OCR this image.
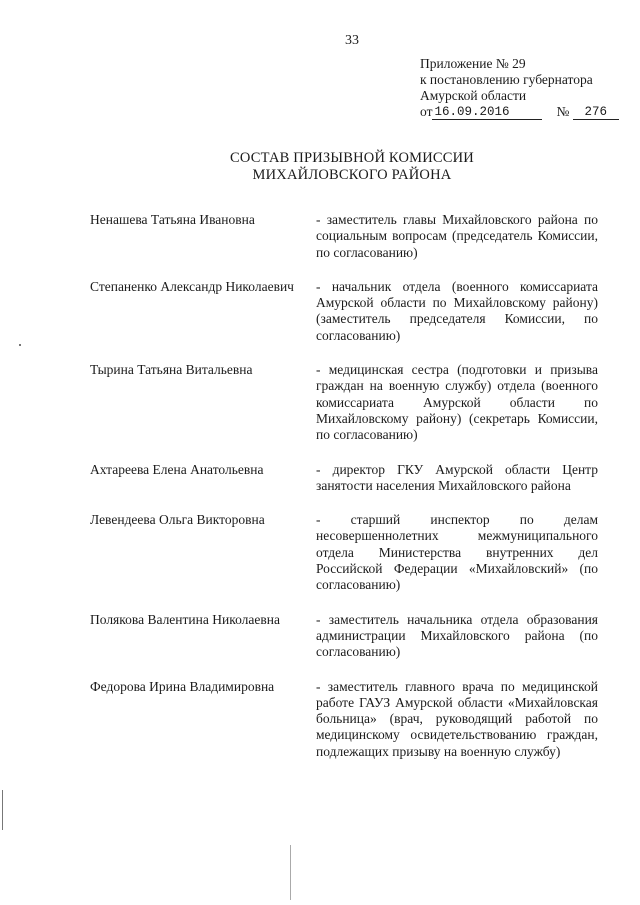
33
Приложение № 29
к постановлению губернатора
Амурской области
от 16.09.2016	№ 276
СОСТАВ ПРИЗЫВНОЙ КОМИССИИ
МИХАЙЛОВСКОГО РАЙОНА
Ненашева Татьяна Ивановна	- заместитель главы Михайловского района по социальным вопросам (председатель Комиссии, по согласованию)
Степаненко Александр Николаевич	- начальник отдела (военного комиссариата Амурской области по Михайловскому району) (заместитель председателя Комиссии, по согласованию)
Тырина Татьяна Витальевна	- медицинская сестра (подготовки и призыва граждан на военную службу) отдела (военного комиссариата Амурской области по Михайловскому району) (секретарь Комиссии, по согласованию)
Ахтареева Елена Анатольевна	- директор ГКУ Амурской области Центр занятости населения Михайловского района
Левендеева Ольга Викторовна	- старший инспектор по делам несовершеннолетних межмуниципального отдела Министерства внутренних дел Российской Федерации «Михайловский» (по согласованию)
Полякова Валентина Николаевна	- заместитель начальника отдела образования администрации Михайловского района (по согласованию)
Федорова Ирина Владимировна	- заместитель главного врача по медицинской работе ГАУЗ Амурской области «Михайловская больница» (врач, руководящий работой по медицинскому освидетельствованию граждан, подлежащих призыву на военную службу)
